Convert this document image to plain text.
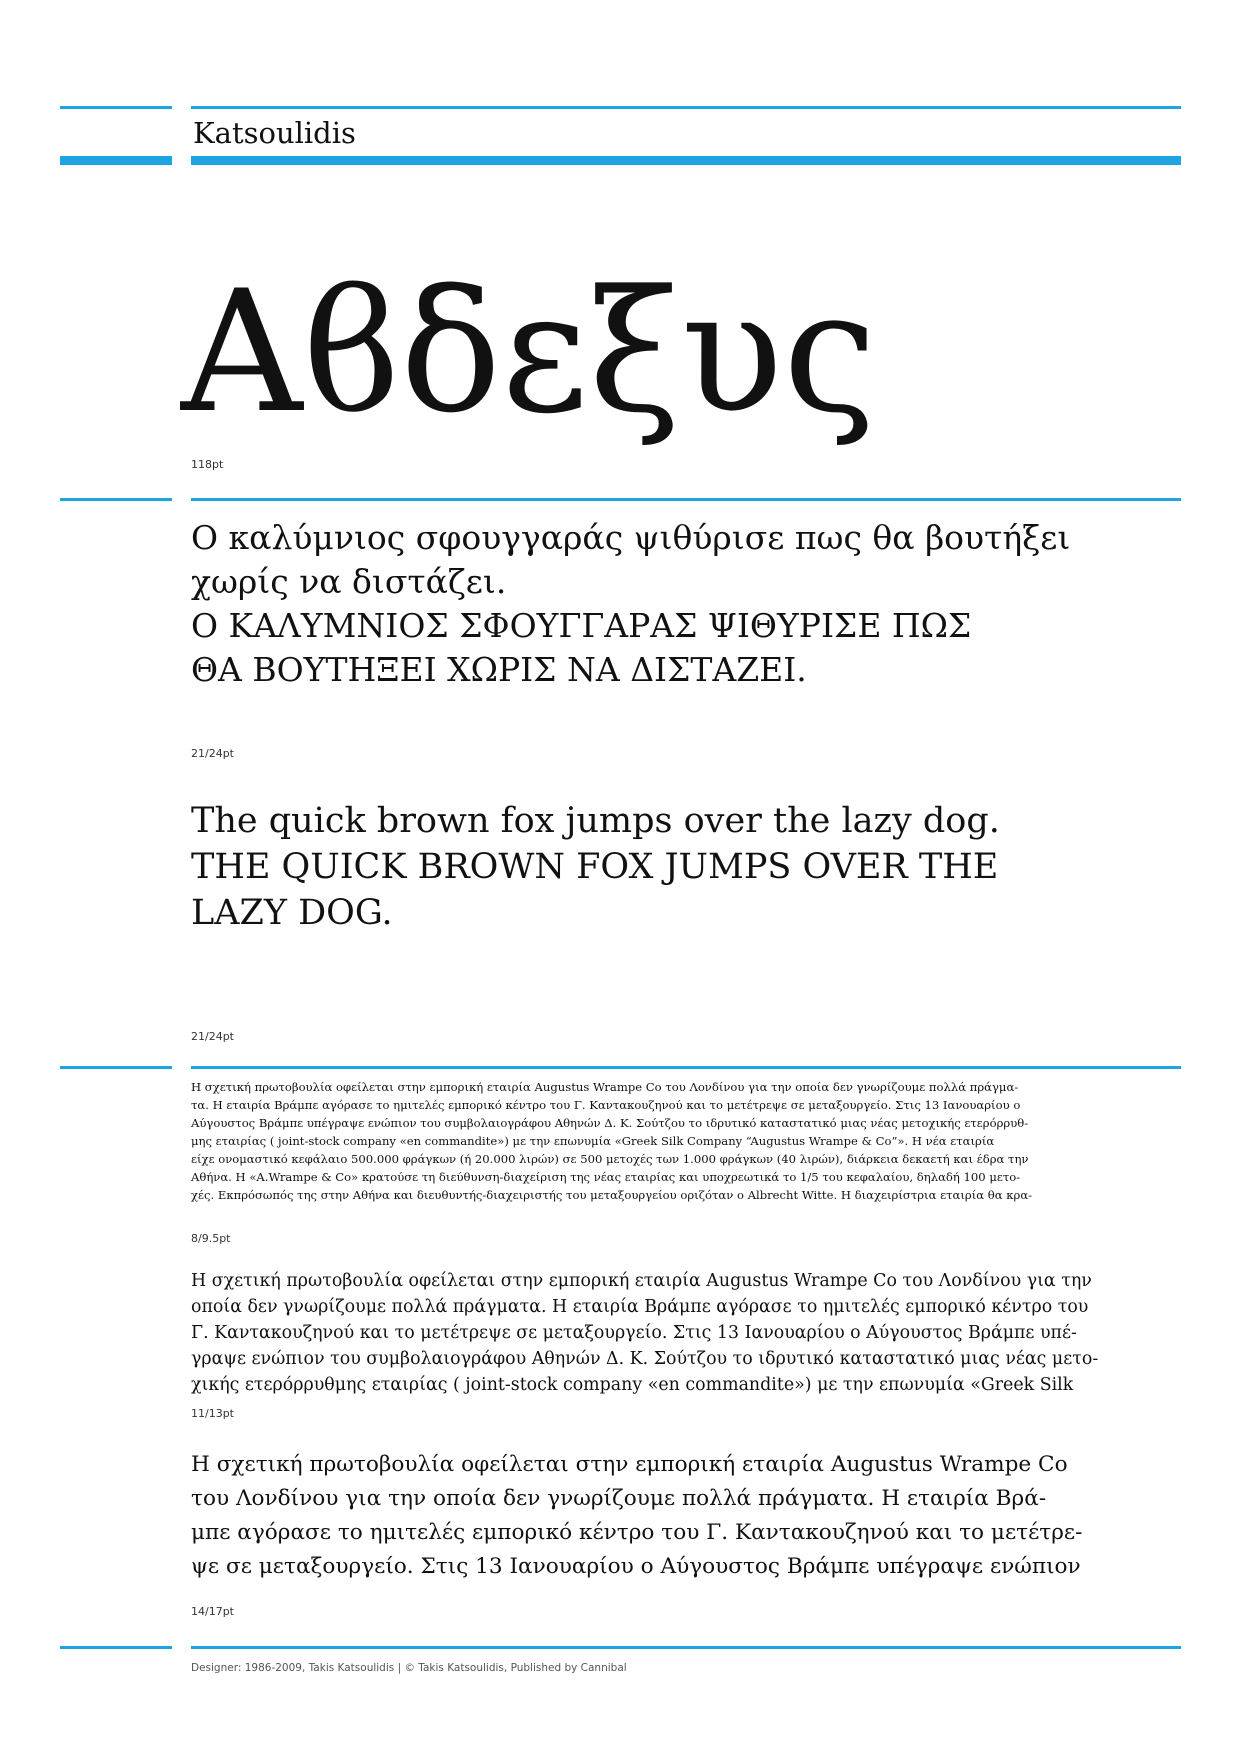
Katsoulidis
Αϐδεξυς
118pt
Ο καλύμνιος σφουγγαράς ψιθύρισε πως θα βουτήξει
χωρίς να διστάζει.
Ο ΚΑΛΥΜΝΙΟΣ ΣΦΟΥΓΓΑΡΑΣ ΨΙΘΥΡΙΣΕ ΠΩΣ
ΘΑ ΒΟΥΤΗΞΕΙ ΧΩΡΙΣ ΝΑ ΔΙΣΤΑΖΕΙ.
21/24pt
The quick brown fox jumps over the lazy dog.
THE QUICK BROWN FOX JUMPS OVER THE
LAZY DOG.
21/24pt
Η σχετική πρωτοβουλία οφείλεται στην εμπορική εταιρία Augustus Wrampe Co του Λονδίνου για την οποία δεν γνωρίζουμε πολλά πράγμα-
τα. Η εταιρία Βράμπε αγόρασε το ημιτελές εμπορικό κέντρο του Γ. Καντακουζηνού και το μετέτρεψε σε μεταξουργείο. Στις 13 Ιανουαρίου ο
Αύγουστος Βράμπε υπέγραψε ενώπιον του συμβολαιογράφου Αθηνών Δ. Κ. Σούτζου το ιδρυτικό καταστατικό μιας νέας μετοχικής ετερόρρυθ-
μης εταιρίας ( joint-stock company «en commandite») με την επωνυμία «Greek Silk Company “Augustus Wrampe & Co”». Η νέα εταιρία
είχε ονομαστικό κεφάλαιο 500.000 φράγκων (ή 20.000 λιρών) σε 500 μετοχές των 1.000 φράγκων (40 λιρών), διάρκεια δεκαετή και έδρα την
Αθήνα. Η «A.Wrampe & Co» κρατούσε τη διεύθυνση-διαχείριση της νέας εταιρίας και υποχρεωτικά το 1/5 του κεφαλαίου, δηλαδή 100 μετο-
χές. Εκπρόσωπός της στην Αθήνα και διευθυντής-διαχειριστής του μεταξουργείου οριζόταν ο Albrecht Witte. Η διαχειρίστρια εταιρία θα κρα-
8/9.5pt
Η σχετική πρωτοβουλία οφείλεται στην εμπορική εταιρία Augustus Wrampe Co του Λονδίνου για την
οποία δεν γνωρίζουμε πολλά πράγματα. Η εταιρία Βράμπε αγόρασε το ημιτελές εμπορικό κέντρο του
Γ. Καντακουζηνού και το μετέτρεψε σε μεταξουργείο. Στις 13 Ιανουαρίου ο Αύγουστος Βράμπε υπέ-
γραψε ενώπιον του συμβολαιογράφου Αθηνών Δ. Κ. Σούτζου το ιδρυτικό καταστατικό μιας νέας μετο-
χικής ετερόρρυθμης εταιρίας ( joint-stock company «en commandite») με την επωνυμία «Greek Silk
11/13pt
Η σχετική πρωτοβουλία οφείλεται στην εμπορική εταιρία Augustus Wrampe Co
του Λονδίνου για την οποία δεν γνωρίζουμε πολλά πράγματα. Η εταιρία Βρά-
μπε αγόρασε το ημιτελές εμπορικό κέντρο του Γ. Καντακουζηνού και το μετέτρε-
ψε σε μεταξουργείο. Στις 13 Ιανουαρίου ο Αύγουστος Βράμπε υπέγραψε ενώπιον
14/17pt
Designer: 1986-2009, Takis Katsoulidis | © Takis Katsoulidis, Published by Cannibal
